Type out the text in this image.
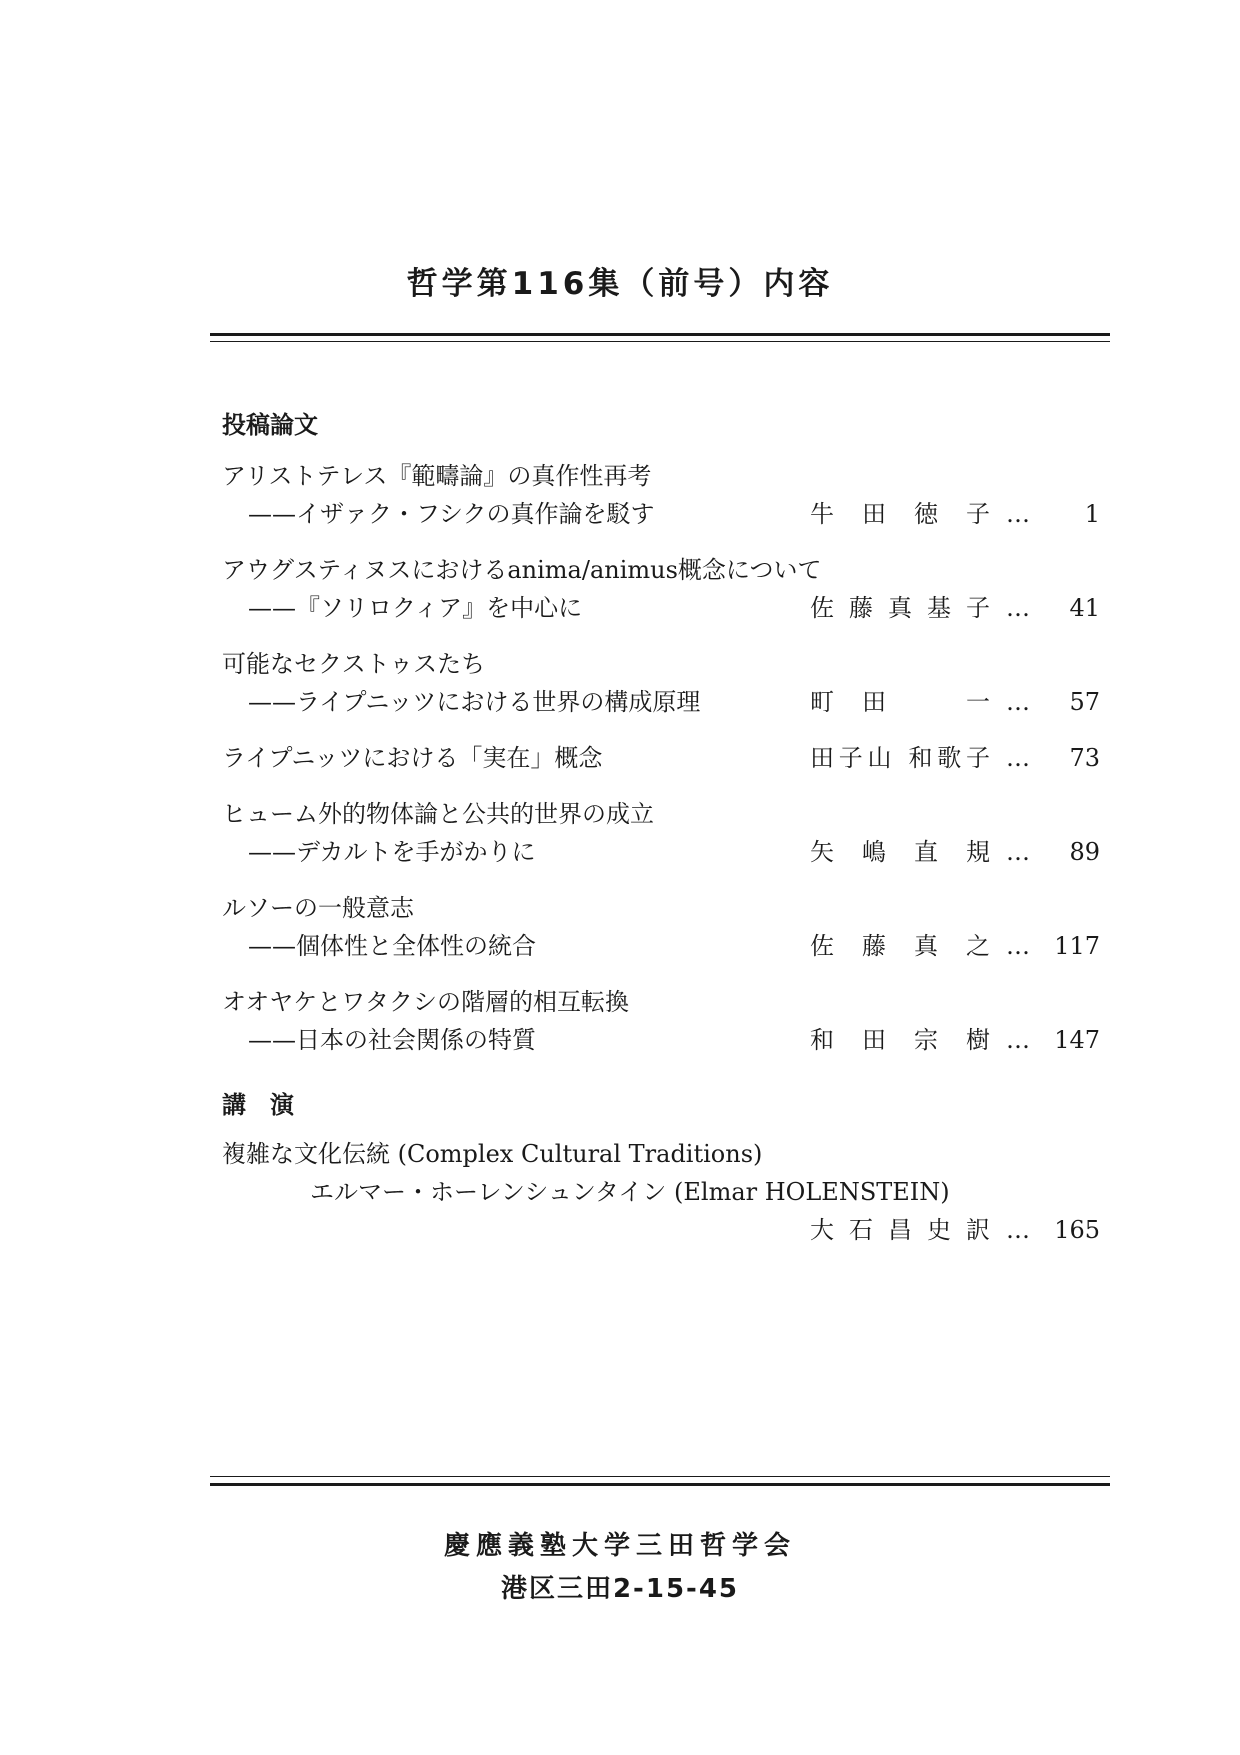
哲学第116集（前号）内容
投稿論文
アリストテレス『範疇論』の真作性再考
——イザァク・フシクの真作論を駁す	牛田徳子 … 1
アウグスティヌスにおけるanima/animus概念について
——『ソリロクィア』を中心に	佐藤真基子 … 41
可能なセクストゥスたち
——ライプニッツにおける世界の構成原理	町田　一 … 57
ライプニッツにおける「実在」概念	田子山 和歌子 … 73
ヒューム外的物体論と公共的世界の成立
——デカルトを手がかりに	矢嶋直規 … 89
ルソーの一般意志
——個体性と全体性の統合	佐藤真之 … 117
オオヤケとワタクシの階層的相互転換
——日本の社会関係の特質	和田宗樹 … 147
講　演
複雑な文化伝統 (Complex Cultural Traditions)
エルマー・ホーレンシュンタイン (Elmar HOLENSTEIN)
大石昌史訳 … 165
慶應義塾大学三田哲学会
港区三田2-15-45
